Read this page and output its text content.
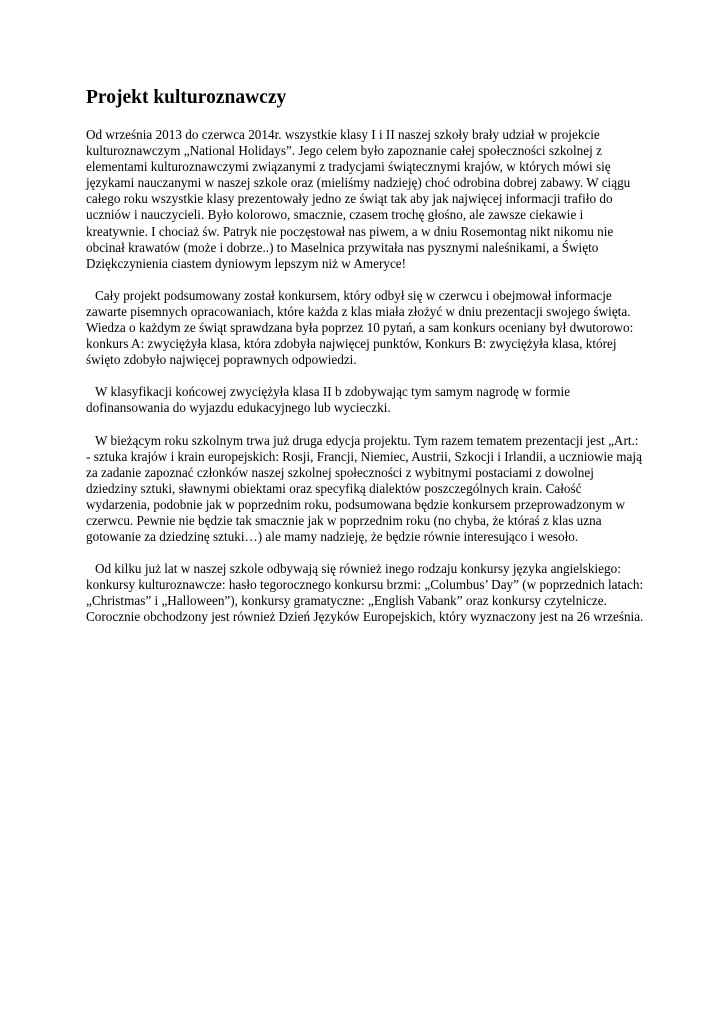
Projekt kulturoznawczy

Od września 2013 do czerwca 2014r. wszystkie klasy I i II naszej szkoły brały udział w projekcie kulturoznawczym „National Holidays”. Jego celem było zapoznanie całej społeczności szkolnej z elementami kulturoznawczymi związanymi z tradycjami świątecznymi krajów, w których mówi się językami nauczanymi w naszej szkole oraz (mieliśmy nadzieję) choć odrobina dobrej zabawy. W ciągu całego roku wszystkie klasy prezentowały jedno ze świąt tak aby jak najwięcej informacji trafiło do uczniów i nauczycieli. Było kolorowo, smacznie, czasem trochę głośno, ale zawsze ciekawie i kreatywnie. I chociaż św. Patryk nie poczęstował nas piwem, a w dniu Rosemontag nikt nikomu nie obcinał krawatów (może i dobrze..) to Maselnica przywitała nas pysznymi naleśnikami, a Święto Dziękczynienia ciastem dyniowym lepszym niż w Ameryce!

Cały projekt podsumowany został konkursem, który odbył się w czerwcu i obejmował informacje zawarte pisemnych opracowaniach, które każda z klas miała złożyć w dniu prezentacji swojego święta. Wiedza o każdym ze świąt sprawdzana była poprzez 10 pytań, a sam konkurs oceniany był dwutorowo: konkurs A: zwyciężyła klasa, która zdobyła najwięcej punktów, Konkurs B: zwyciężyła klasa, której święto zdobyło najwięcej poprawnych odpowiedzi.

W klasyfikacji końcowej zwyciężyła klasa II b zdobywając tym samym nagrodę w formie dofinansowania do wyjazdu edukacyjnego lub wycieczki.

W bieżącym roku szkolnym trwa już druga edycja projektu. Tym razem tematem prezentacji jest „Art.: - sztuka krajów i krain europejskich: Rosji, Francji, Niemiec, Austrii, Szkocji i Irlandii, a uczniowie mają za zadanie zapoznać członków naszej szkolnej społeczności z wybitnymi postaciami z dowolnej dziedziny sztuki, sławnymi obiektami oraz specyfiką dialektów poszczególnych krain. Całość wydarzenia, podobnie jak w poprzednim roku, podsumowana będzie konkursem przeprowadzonym w czerwcu. Pewnie nie będzie tak smacznie jak w poprzednim roku (no chyba, że któraś z klas uzna gotowanie za dziedzinę sztuki…) ale mamy nadzieję, że będzie równie interesująco i wesoło.

Od kilku już lat w naszej szkole odbywają się również inego rodzaju konkursy języka angielskiego: konkursy kulturoznawcze: hasło tegorocznego konkursu brzmi: „Columbus’ Day” (w poprzednich latach: „Christmas” i „Halloween”), konkursy gramatyczne: „English Vabank” oraz konkursy czytelnicze. Corocznie obchodzony jest również Dzień Języków Europejskich, który wyznaczony jest na 26 września.
